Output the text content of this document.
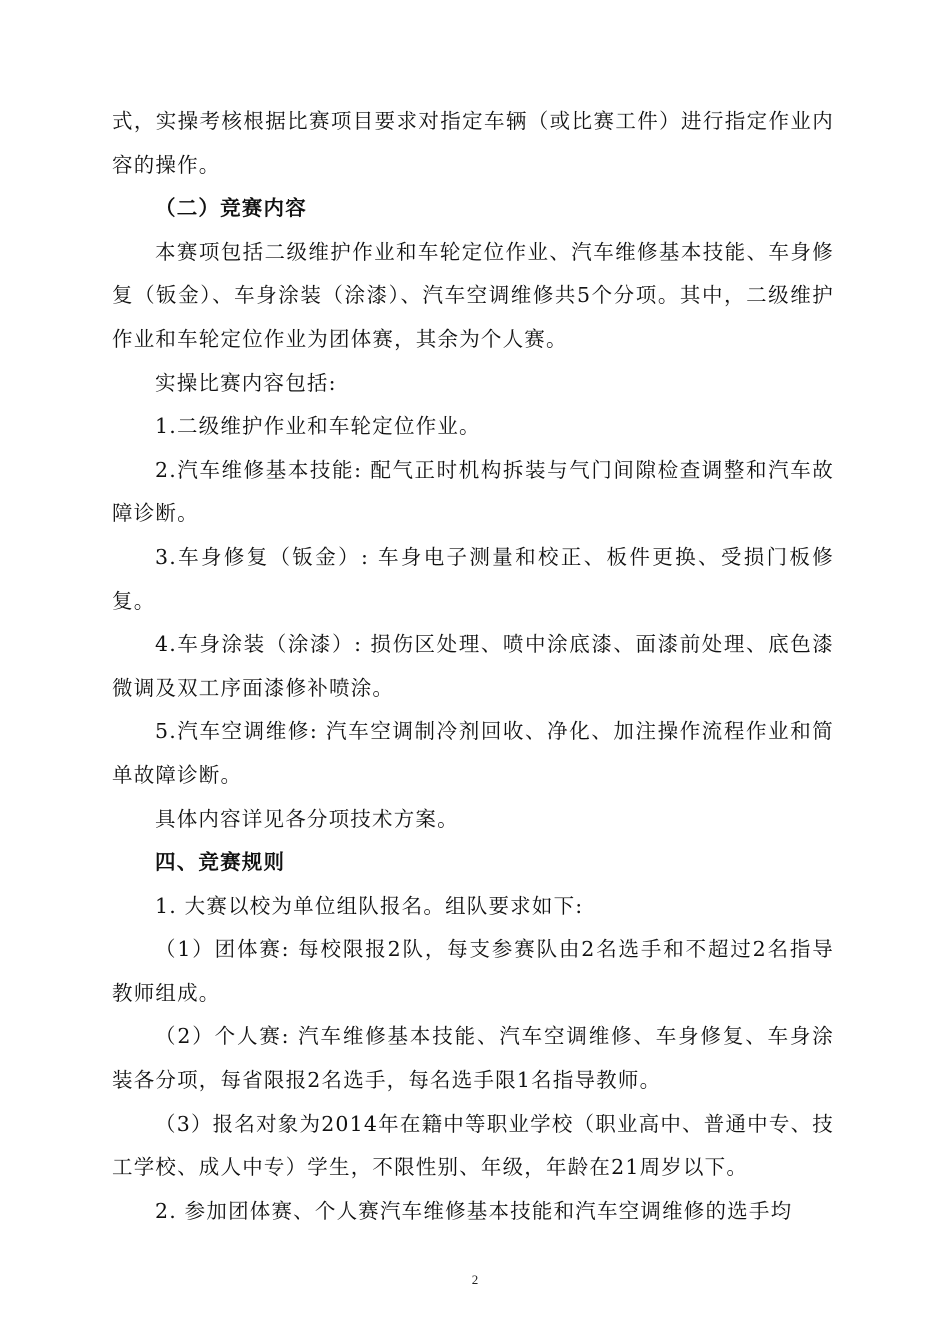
式，实操考核根据比赛项目要求对指定车辆（或比赛工件）进行指定作业内容的操作。

（二）竞赛内容

本赛项包括二级维护作业和车轮定位作业、汽车维修基本技能、车身修复（钣金）、车身涂装（涂漆）、汽车空调维修共5个分项。其中，二级维护作业和车轮定位作业为团体赛，其余为个人赛。

实操比赛内容包括:

1.二级维护作业和车轮定位作业。

2.汽车维修基本技能: 配气正时机构拆装与气门间隙检查调整和汽车故障诊断。

3.车身修复（钣金）: 车身电子测量和校正、板件更换、受损门板修复。

4.车身涂装（涂漆）: 损伤区处理、喷中涂底漆、面漆前处理、底色漆微调及双工序面漆修补喷涂。

5.汽车空调维修: 汽车空调制冷剂回收、净化、加注操作流程作业和简单故障诊断。

具体内容详见各分项技术方案。

四、竞赛规则

1. 大赛以校为单位组队报名。组队要求如下:

（1）团体赛: 每校限报2队，每支参赛队由2名选手和不超过2名指导教师组成。

（2）个人赛: 汽车维修基本技能、汽车空调维修、车身修复、车身涂装各分项，每省限报2名选手，每名选手限1名指导教师。

（3）报名对象为2014年在籍中等职业学校（职业高中、普通中专、技工学校、成人中专）学生，不限性别、年级，年龄在21周岁以下。

2. 参加团体赛、个人赛汽车维修基本技能和汽车空调维修的选手均

2
